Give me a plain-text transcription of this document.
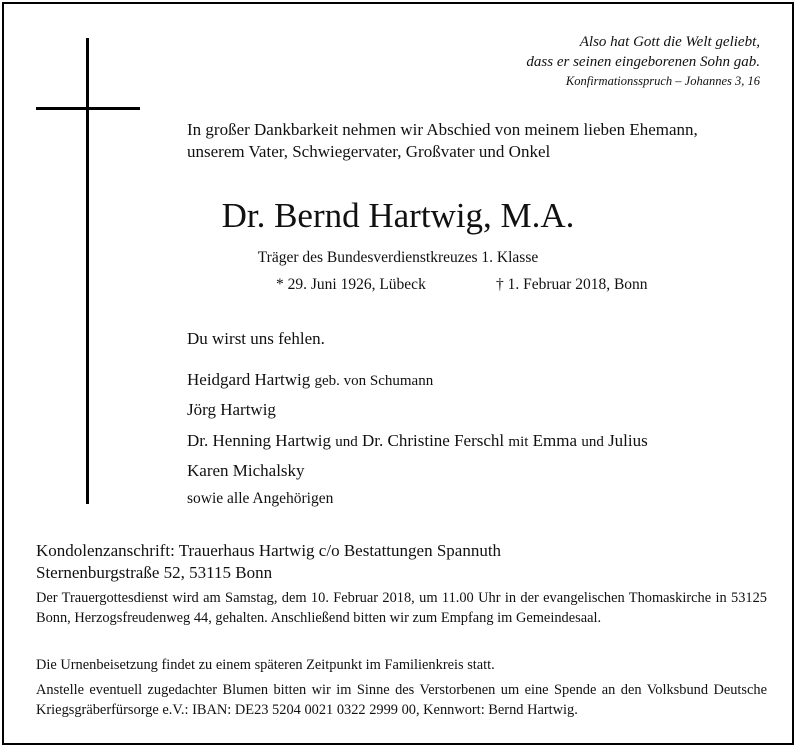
Also hat Gott die Welt geliebt,
dass er seinen eingeborenen Sohn gab.
Konfirmationsspruch – Johannes 3, 16
In großer Dankbarkeit nehmen wir Abschied von meinem lieben Ehemann,
unserem Vater, Schwiegervater, Großvater und Onkel
Dr. Bernd Hartwig, M.A.
Träger des Bundesverdienstkreuzes 1. Klasse
* 29. Juni 1926, Lübeck	† 1. Februar 2018, Bonn
Du wirst uns fehlen.
Heidgard Hartwig geb. von Schumann
Jörg Hartwig
Dr. Henning Hartwig und Dr. Christine Ferschl mit Emma und Julius
Karen Michalsky
sowie alle Angehörigen
Kondolenzanschrift: Trauerhaus Hartwig c/o Bestattungen Spannuth
Sternenburgstraße 52, 53115 Bonn
Der Trauergottesdienst wird am Samstag, dem 10. Februar 2018, um 11.00 Uhr in der evangelischen Thomaskirche in 53125 Bonn, Herzogsfreudenweg 44, gehalten. Anschließend bitten wir zum Empfang im Gemeindesaal.
Die Urnenbeisetzung findet zu einem späteren Zeitpunkt im Familienkreis statt.
Anstelle eventuell zugedachter Blumen bitten wir im Sinne des Verstorbenen um eine Spende an den Volksbund Deutsche Kriegsgräberfürsorge e.V.: IBAN: DE23 5204 0021 0322 2999 00, Kennwort: Bernd Hartwig.
